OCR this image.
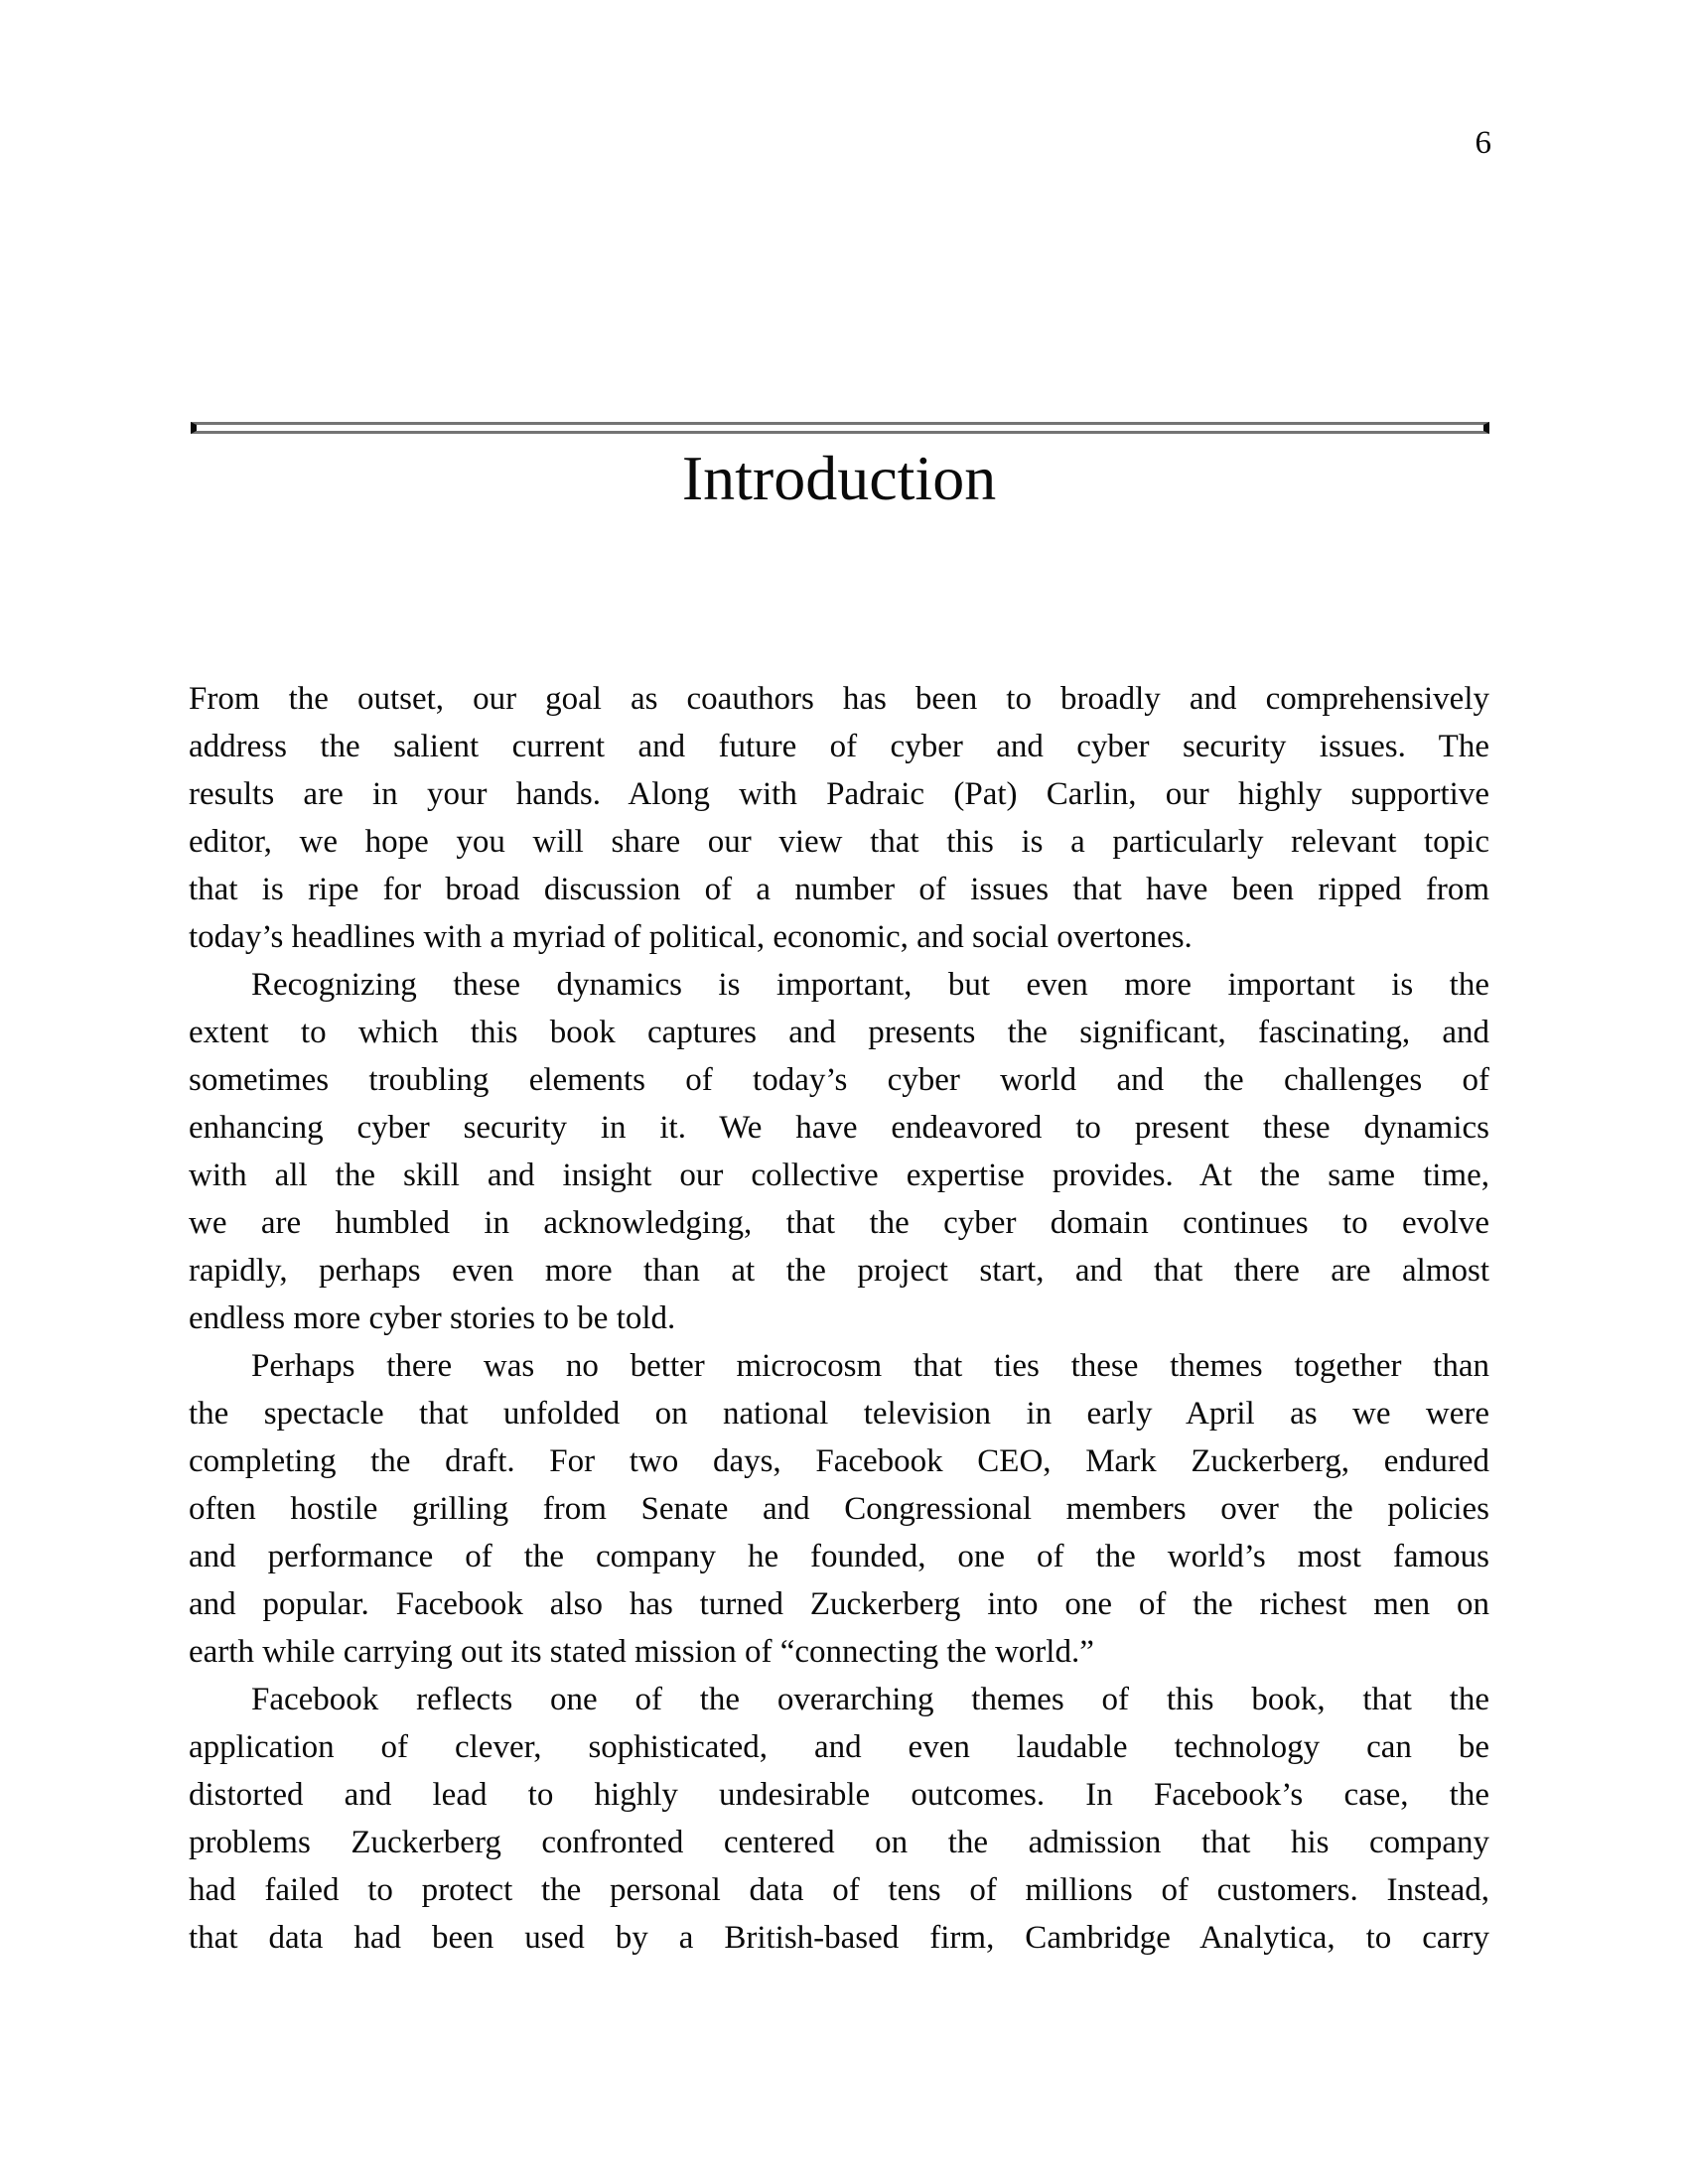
6
Introduction
From the outset, our goal as coauthors has been to broadly and comprehensively
address the salient current and future of cyber and cyber security issues. The
results are in your hands. Along with Padraic (Pat) Carlin, our highly supportive
editor, we hope you will share our view that this is a particularly relevant topic
that is ripe for broad discussion of a number of issues that have been ripped from
today’s headlines with a myriad of political, economic, and social overtones.
Recognizing these dynamics is important, but even more important is the
extent to which this book captures and presents the significant, fascinating, and
sometimes troubling elements of today’s cyber world and the challenges of
enhancing cyber security in it. We have endeavored to present these dynamics
with all the skill and insight our collective expertise provides. At the same time,
we are humbled in acknowledging, that the cyber domain continues to evolve
rapidly, perhaps even more than at the project start, and that there are almost
endless more cyber stories to be told.
Perhaps there was no better microcosm that ties these themes together than
the spectacle that unfolded on national television in early April as we were
completing the draft. For two days, Facebook CEO, Mark Zuckerberg, endured
often hostile grilling from Senate and Congressional members over the policies
and performance of the company he founded, one of the world’s most famous
and popular. Facebook also has turned Zuckerberg into one of the richest men on
earth while carrying out its stated mission of “connecting the world.”
Facebook reflects one of the overarching themes of this book, that the
application of clever, sophisticated, and even laudable technology can be
distorted and lead to highly undesirable outcomes. In Facebook’s case, the
problems Zuckerberg confronted centered on the admission that his company
had failed to protect the personal data of tens of millions of customers. Instead,
that data had been used by a British-based firm, Cambridge Analytica, to carry
